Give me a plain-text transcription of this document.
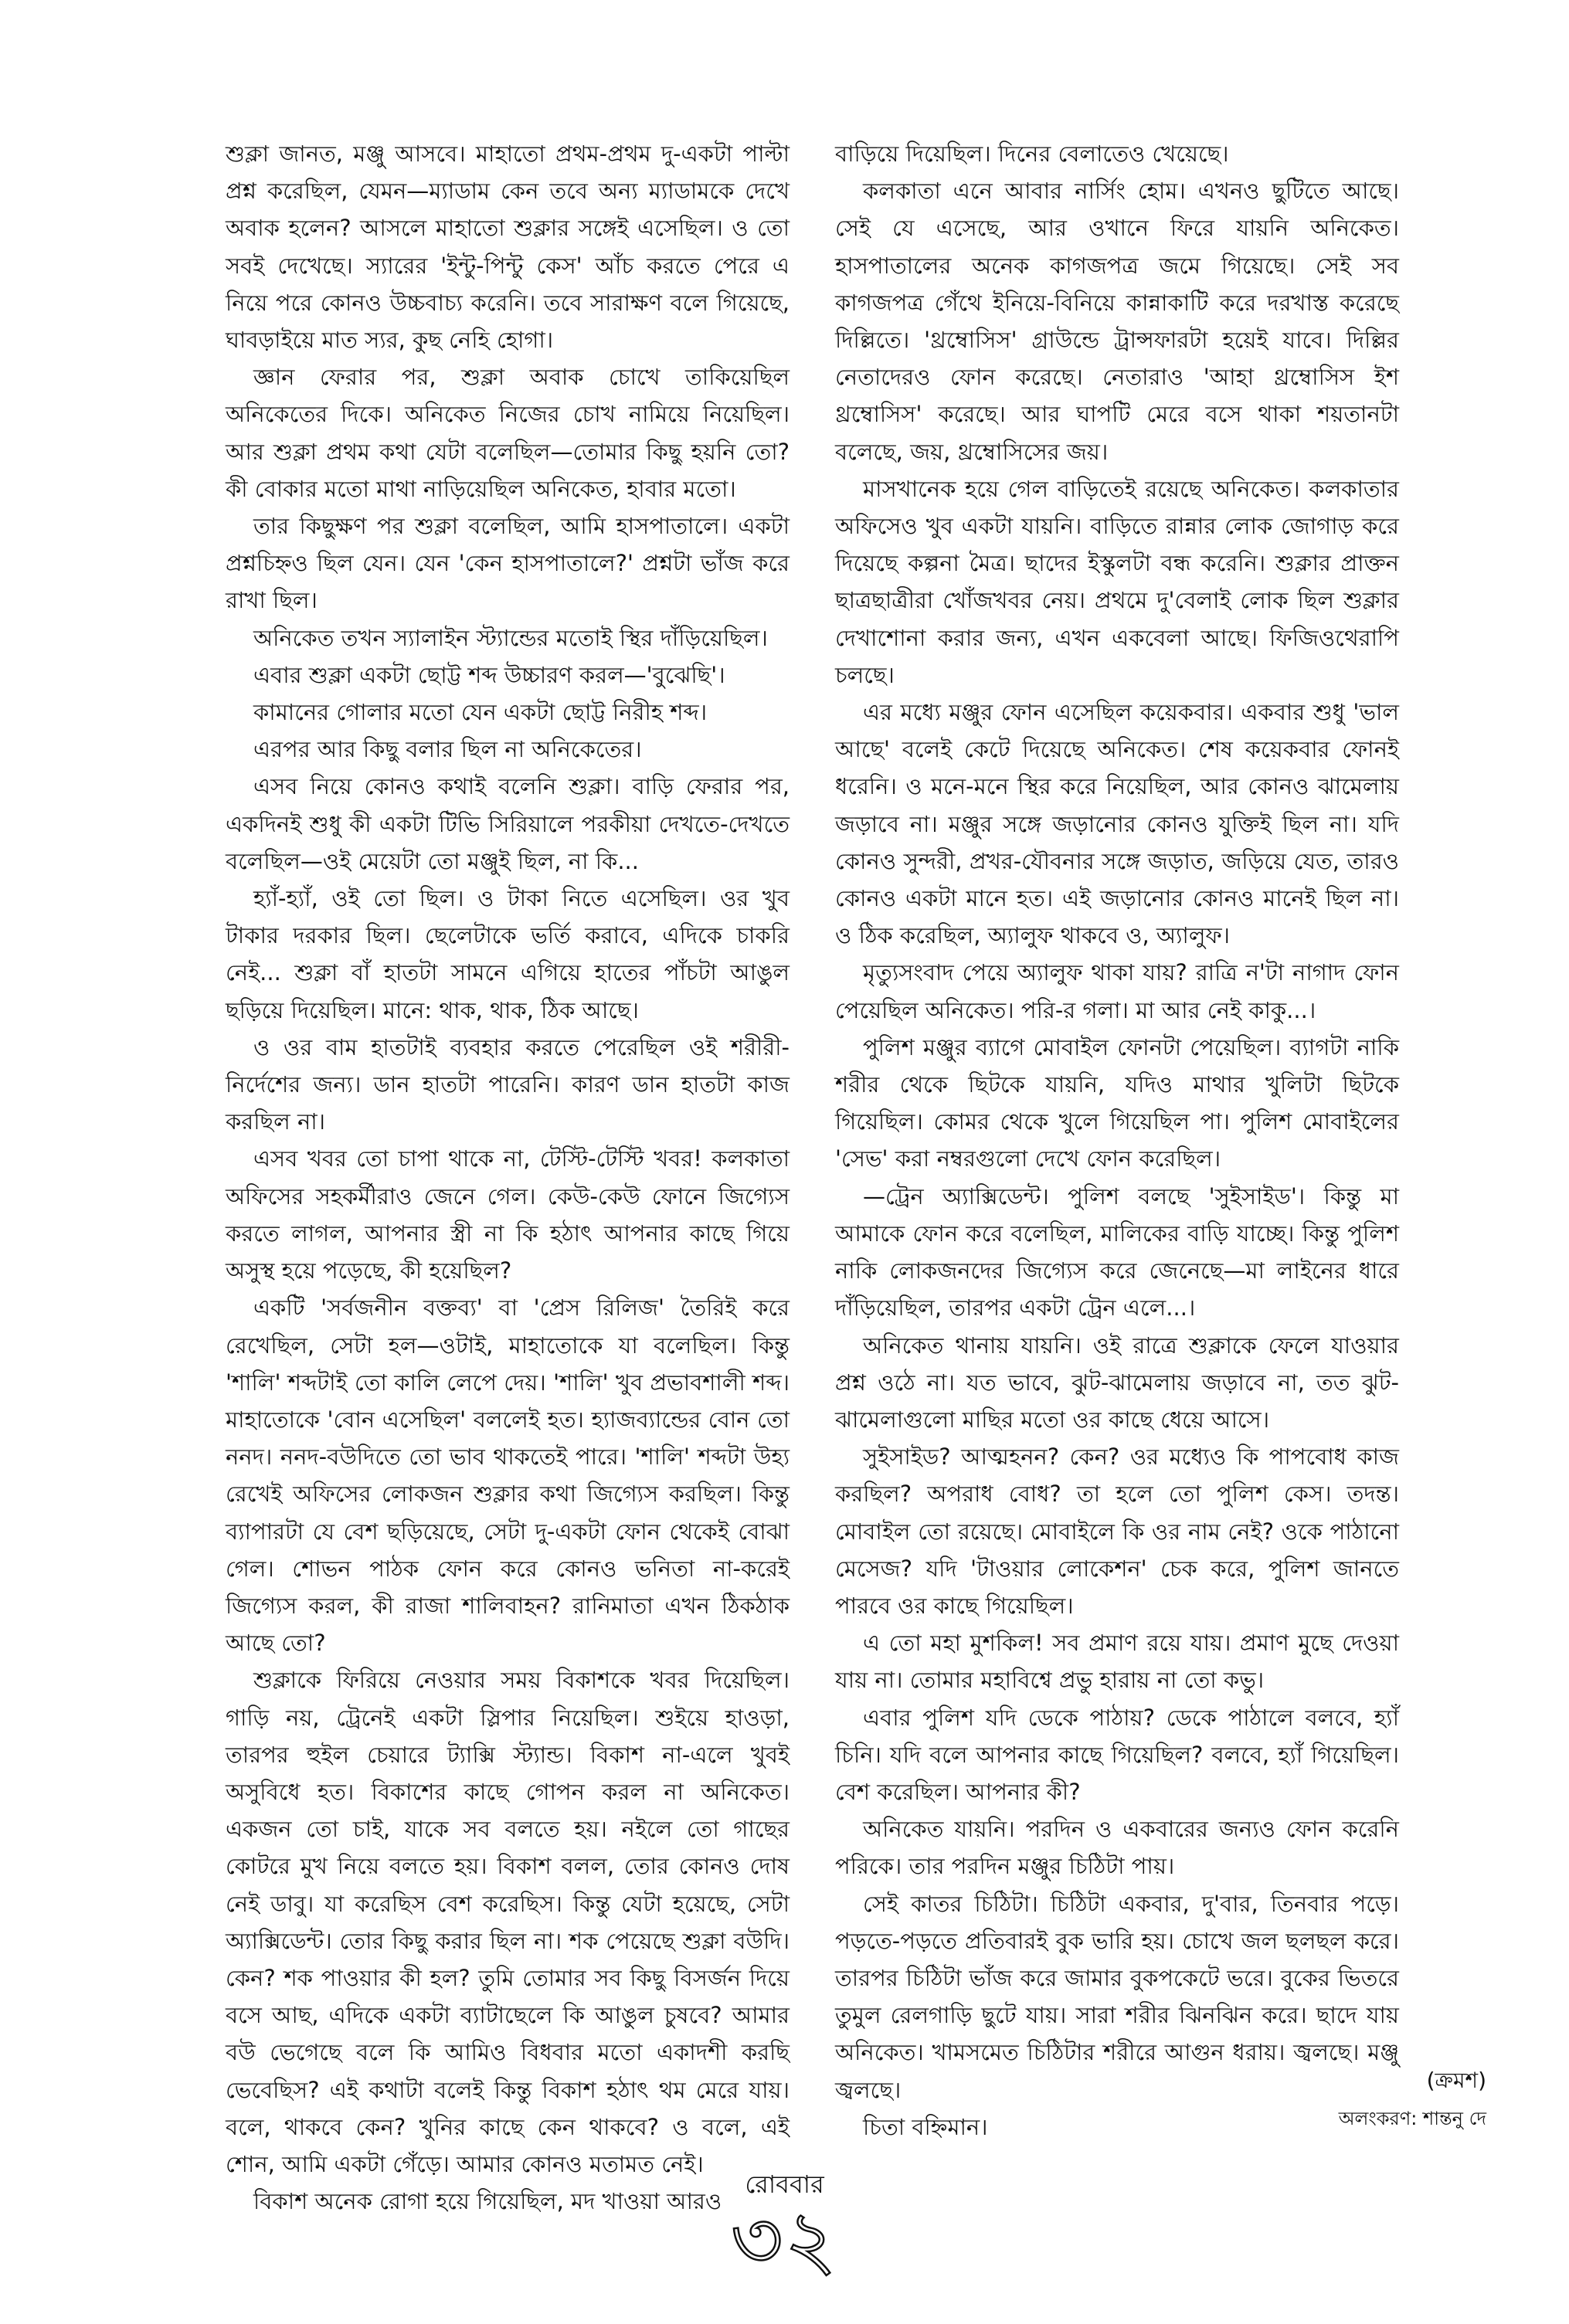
শুক্লা জানত, মঞ্জু আসবে। মাহাতো প্রথম-প্রথম দু-একটা পাল্টা প্রশ্ন করেছিল, যেমন—ম্যাডাম কেন তবে অন্য ম্যাডামকে দেখে অবাক হলেন? আসলে মাহাতো শুক্লার সঙ্গেই এসেছিল। ও তো সবই দেখেছে। স্যারের 'ইন্টু-পিন্টু কেস' আঁচ করতে পেরে এ নিয়ে পরে কোনও উচ্চবাচ্য করেনি। তবে সারাক্ষণ বলে গিয়েছে, ঘাবড়াইয়ে মাত স্যর, কুছ নেহি হোগা।

জ্ঞান ফেরার পর, শুক্লা অবাক চোখে তাকিয়েছিল অনিকেতের দিকে। অনিকেত নিজের চোখ নামিয়ে নিয়েছিল। আর শুক্লা প্রথম কথা যেটা বলেছিল—তোমার কিছু হয়নি তো? কী বোকার মতো মাথা নাড়িয়েছিল অনিকেত, হাবার মতো।

তার কিছুক্ষণ পর শুক্লা বলেছিল, আমি হাসপাতালে। একটা প্রশ্নচিহ্নও ছিল যেন। যেন 'কেন হাসপাতালে?' প্রশ্নটা ভাঁজ করে রাখা ছিল।

অনিকেত তখন স্যালাইন স্ট্যান্ডের মতোই স্থির দাঁড়িয়েছিল।

এবার শুক্লা একটা ছোট্ট শব্দ উচ্চারণ করল—'বুঝেছি'।

কামানের গোলার মতো যেন একটা ছোট্ট নিরীহ শব্দ।

এরপর আর কিছু বলার ছিল না অনিকেতের।

এসব নিয়ে কোনও কথাই বলেনি শুক্লা। বাড়ি ফেরার পর, একদিনই শুধু কী একটা টিভি সিরিয়ালে পরকীয়া দেখতে-দেখতে বলেছিল—ওই মেয়েটা তো মঞ্জুই ছিল, না কি...

হ্যাঁ-হ্যাঁ, ওই তো ছিল। ও টাকা নিতে এসেছিল। ওর খুব টাকার দরকার ছিল। ছেলেটাকে ভর্তি করাবে, এদিকে চাকরি নেই... শুক্লা বাঁ হাতটা সামনে এগিয়ে হাতের পাঁচটা আঙুল ছড়িয়ে দিয়েছিল। মানে: থাক, থাক, ঠিক আছে।

ও ওর বাম হাতটাই ব্যবহার করতে পেরেছিল ওই শরীরী-নির্দেশের জন্য। ডান হাতটা পারেনি। কারণ ডান হাতটা কাজ করছিল না।

এসব খবর তো চাপা থাকে না, টেস্টি-টেস্টি খবর! কলকাতা অফিসের সহকর্মীরাও জেনে গেল। কেউ-কেউ ফোনে জিগ্যেস করতে লাগল, আপনার স্ত্রী না কি হঠাৎ আপনার কাছে গিয়ে অসুস্থ হয়ে পড়েছে, কী হয়েছিল?

একটি 'সর্বজনীন বক্তব্য' বা 'প্রেস রিলিজ' তৈরিই করে রেখেছিল, সেটা হল—ওটাই, মাহাতোকে যা বলেছিল। কিন্তু 'শালি' শব্দটাই তো কালি লেপে দেয়। 'শালি' খুব প্রভাবশালী শব্দ। মাহাতোকে 'বোন এসেছিল' বললেই হত। হ্যাজব্যান্ডের বোন তো ননদ। ননদ-বউদিতে তো ভাব থাকতেই পারে। 'শালি' শব্দটা উহ্য রেখেই অফিসের লোকজন শুক্লার কথা জিগ্যেস করছিল। কিন্তু ব্যাপারটা যে বেশ ছড়িয়েছে, সেটা দু-একটা ফোন থেকেই বোঝা গেল। শোভন পাঠক ফোন করে কোনও ভনিতা না-করেই জিগ্যেস করল, কী রাজা শালিবাহন? রানিমাতা এখন ঠিকঠাক আছে তো?

শুক্লাকে ফিরিয়ে নেওয়ার সময় বিকাশকে খবর দিয়েছিল। গাড়ি নয়, ট্রেনেই একটা স্লিপার নিয়েছিল। শুইয়ে হাওড়া, তারপর হুইল চেয়ারে ট্যাক্সি স্ট্যান্ড। বিকাশ না-এলে খুবই অসুবিধে হত। বিকাশের কাছে গোপন করল না অনিকেত। একজন তো চাই, যাকে সব বলতে হয়। নইলে তো গাছের কোটরে মুখ নিয়ে বলতে হয়। বিকাশ বলল, তোর কোনও দোষ নেই ডাবু। যা করেছিস বেশ করেছিস। কিন্তু যেটা হয়েছে, সেটা অ্যাক্সিডেন্ট। তোর কিছু করার ছিল না। শক পেয়েছে শুক্লা বউদি। কেন? শক পাওয়ার কী হল? তুমি তোমার সব কিছু বিসর্জন দিয়ে বসে আছ, এদিকে একটা ব্যাটাছেলে কি আঙুল চুষবে? আমার বউ ভেগেছে বলে কি আমিও বিধবার মতো একাদশী করছি ভেবেছিস? এই কথাটা বলেই কিন্তু বিকাশ হঠাৎ থম মেরে যায়। বলে, থাকবে কেন? খুনির কাছে কেন থাকবে? ও বলে, এই শোন, আমি একটা গেঁড়ে। আমার কোনও মতামত নেই।

বিকাশ অনেক রোগা হয়ে গিয়েছিল, মদ খাওয়া আরও

বাড়িয়ে দিয়েছিল। দিনের বেলাতেও খেয়েছে।

কলকাতা এনে আবার নার্সিং হোম। এখনও ছুটিতে আছে। সেই যে এসেছে, আর ওখানে ফিরে যায়নি অনিকেত। হাসপাতালের অনেক কাগজপত্র জমে গিয়েছে। সেই সব কাগজপত্র গেঁথে ইনিয়ে-বিনিয়ে কান্নাকাটি করে দরখাস্ত করেছে দিল্লিতে। 'থ্রম্বোসিস' গ্রাউন্ডে ট্রান্সফারটা হয়েই যাবে। দিল্লির নেতাদেরও ফোন করেছে। নেতারাও 'আহা থ্রম্বোসিস ইশ থ্রম্বোসিস' করেছে। আর ঘাপটি মেরে বসে থাকা শয়তানটা বলেছে, জয়, থ্রম্বোসিসের জয়।

মাসখানেক হয়ে গেল বাড়িতেই রয়েছে অনিকেত। কলকাতার অফিসেও খুব একটা যায়নি। বাড়িতে রান্নার লোক জোগাড় করে দিয়েছে কল্পনা মৈত্র। ছাদের ইস্কুলটা বন্ধ করেনি। শুক্লার প্রাক্তন ছাত্রছাত্রীরা খোঁজখবর নেয়। প্রথমে দু'বেলাই লোক ছিল শুক্লার দেখাশোনা করার জন্য, এখন একবেলা আছে। ফিজিওথেরাপি চলছে।

এর মধ্যে মঞ্জুর ফোন এসেছিল কয়েকবার। একবার শুধু 'ভাল আছে' বলেই কেটে দিয়েছে অনিকেত। শেষ কয়েকবার ফোনই ধরেনি। ও মনে-মনে স্থির করে নিয়েছিল, আর কোনও ঝামেলায় জড়াবে না। মঞ্জুর সঙ্গে জড়ানোর কোনও যুক্তিই ছিল না। যদি কোনও সুন্দরী, প্রখর-যৌবনার সঙ্গে জড়াত, জড়িয়ে যেত, তারও কোনও একটা মানে হত। এই জড়ানোর কোনও মানেই ছিল না। ও ঠিক করেছিল, অ্যালুফ থাকবে ও, অ্যালুফ।

মৃত্যুসংবাদ পেয়ে অ্যালুফ থাকা যায়? রাত্রি ন'টা নাগাদ ফোন পেয়েছিল অনিকেত। পরি-র গলা। মা আর নেই কাকু...।

পুলিশ মঞ্জুর ব্যাগে মোবাইল ফোনটা পেয়েছিল। ব্যাগটা নাকি শরীর থেকে ছিটকে যায়নি, যদিও মাথার খুলিটা ছিটকে গিয়েছিল। কোমর থেকে খুলে গিয়েছিল পা। পুলিশ মোবাইলের 'সেভ' করা নম্বরগুলো দেখে ফোন করেছিল।

—ট্রেন অ্যাক্সিডেন্ট। পুলিশ বলছে 'সুইসাইড'। কিন্তু মা আমাকে ফোন করে বলেছিল, মালিকের বাড়ি যাচ্ছে। কিন্তু পুলিশ নাকি লোকজনদের জিগ্যেস করে জেনেছে—মা লাইনের ধারে দাঁড়িয়েছিল, তারপর একটা ট্রেন এলে...।

অনিকেত থানায় যায়নি। ওই রাত্রে শুক্লাকে ফেলে যাওয়ার প্রশ্ন ওঠে না। যত ভাবে, ঝুট-ঝামেলায় জড়াবে না, তত ঝুট-ঝামেলাগুলো মাছির মতো ওর কাছে ধেয়ে আসে।

সুইসাইড? আত্মহনন? কেন? ওর মধ্যেও কি পাপবোধ কাজ করছিল? অপরাধ বোধ? তা হলে তো পুলিশ কেস। তদন্ত। মোবাইল তো রয়েছে। মোবাইলে কি ওর নাম নেই? ওকে পাঠানো মেসেজ? যদি 'টাওয়ার লোকেশন' চেক করে, পুলিশ জানতে পারবে ওর কাছে গিয়েছিল।

এ তো মহা মুশকিল! সব প্রমাণ রয়ে যায়। প্রমাণ মুছে দেওয়া যায় না। তোমার মহাবিশ্বে প্রভু হারায় না তো কভু।

এবার পুলিশ যদি ডেকে পাঠায়? ডেকে পাঠালে বলবে, হ্যাঁ চিনি। যদি বলে আপনার কাছে গিয়েছিল? বলবে, হ্যাঁ গিয়েছিল। বেশ করেছিল। আপনার কী?

অনিকেত যায়নি। পরদিন ও একবারের জন্যও ফোন করেনি পরিকে। তার পরদিন মঞ্জুর চিঠিটা পায়।

সেই কাতর চিঠিটা। চিঠিটা একবার, দু'বার, তিনবার পড়ে। পড়তে-পড়তে প্রতিবারই বুক ভারি হয়। চোখে জল ছলছল করে। তারপর চিঠিটা ভাঁজ করে জামার বুকপকেটে ভরে। বুকের ভিতরে তুমুল রেলগাড়ি ছুটে যায়। সারা শরীর ঝিনঝিন করে। ছাদে যায় অনিকেত। খামসমেত চিঠিটার শরীরে আগুন ধরায়। জ্বলছে। মঞ্জু জ্বলছে।

চিতা বহ্নিমান।

(ক্রমশ)
অলংকরণ: শান্তনু দে
রোববার
৩২
